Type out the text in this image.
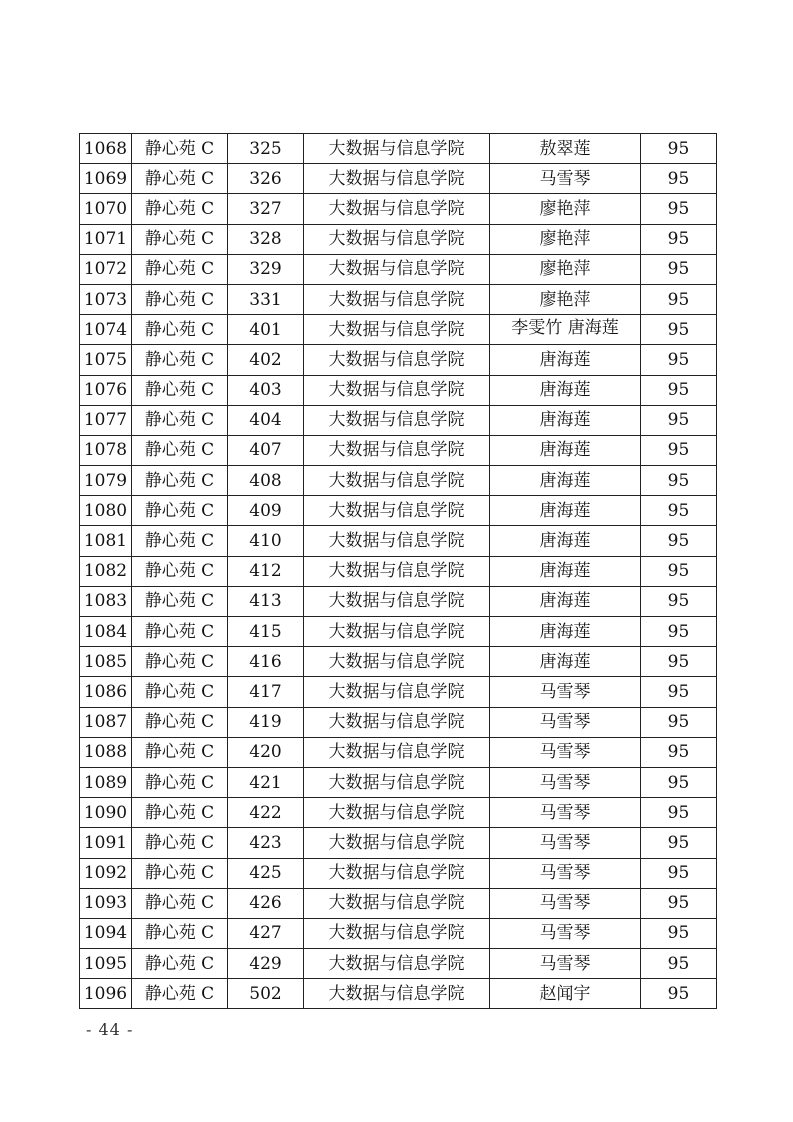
1068	静心苑 C	325	大数据与信息学院	敖翠莲	95
1069	静心苑 C	326	大数据与信息学院	马雪琴	95
1070	静心苑 C	327	大数据与信息学院	廖艳萍	95
1071	静心苑 C	328	大数据与信息学院	廖艳萍	95
1072	静心苑 C	329	大数据与信息学院	廖艳萍	95
1073	静心苑 C	331	大数据与信息学院	廖艳萍	95
1074	静心苑 C	401	大数据与信息学院	李雯竹 唐海莲	95
1075	静心苑 C	402	大数据与信息学院	唐海莲	95
1076	静心苑 C	403	大数据与信息学院	唐海莲	95
1077	静心苑 C	404	大数据与信息学院	唐海莲	95
1078	静心苑 C	407	大数据与信息学院	唐海莲	95
1079	静心苑 C	408	大数据与信息学院	唐海莲	95
1080	静心苑 C	409	大数据与信息学院	唐海莲	95
1081	静心苑 C	410	大数据与信息学院	唐海莲	95
1082	静心苑 C	412	大数据与信息学院	唐海莲	95
1083	静心苑 C	413	大数据与信息学院	唐海莲	95
1084	静心苑 C	415	大数据与信息学院	唐海莲	95
1085	静心苑 C	416	大数据与信息学院	唐海莲	95
1086	静心苑 C	417	大数据与信息学院	马雪琴	95
1087	静心苑 C	419	大数据与信息学院	马雪琴	95
1088	静心苑 C	420	大数据与信息学院	马雪琴	95
1089	静心苑 C	421	大数据与信息学院	马雪琴	95
1090	静心苑 C	422	大数据与信息学院	马雪琴	95
1091	静心苑 C	423	大数据与信息学院	马雪琴	95
1092	静心苑 C	425	大数据与信息学院	马雪琴	95
1093	静心苑 C	426	大数据与信息学院	马雪琴	95
1094	静心苑 C	427	大数据与信息学院	马雪琴	95
1095	静心苑 C	429	大数据与信息学院	马雪琴	95
1096	静心苑 C	502	大数据与信息学院	赵闻宇	95
- 44 -
